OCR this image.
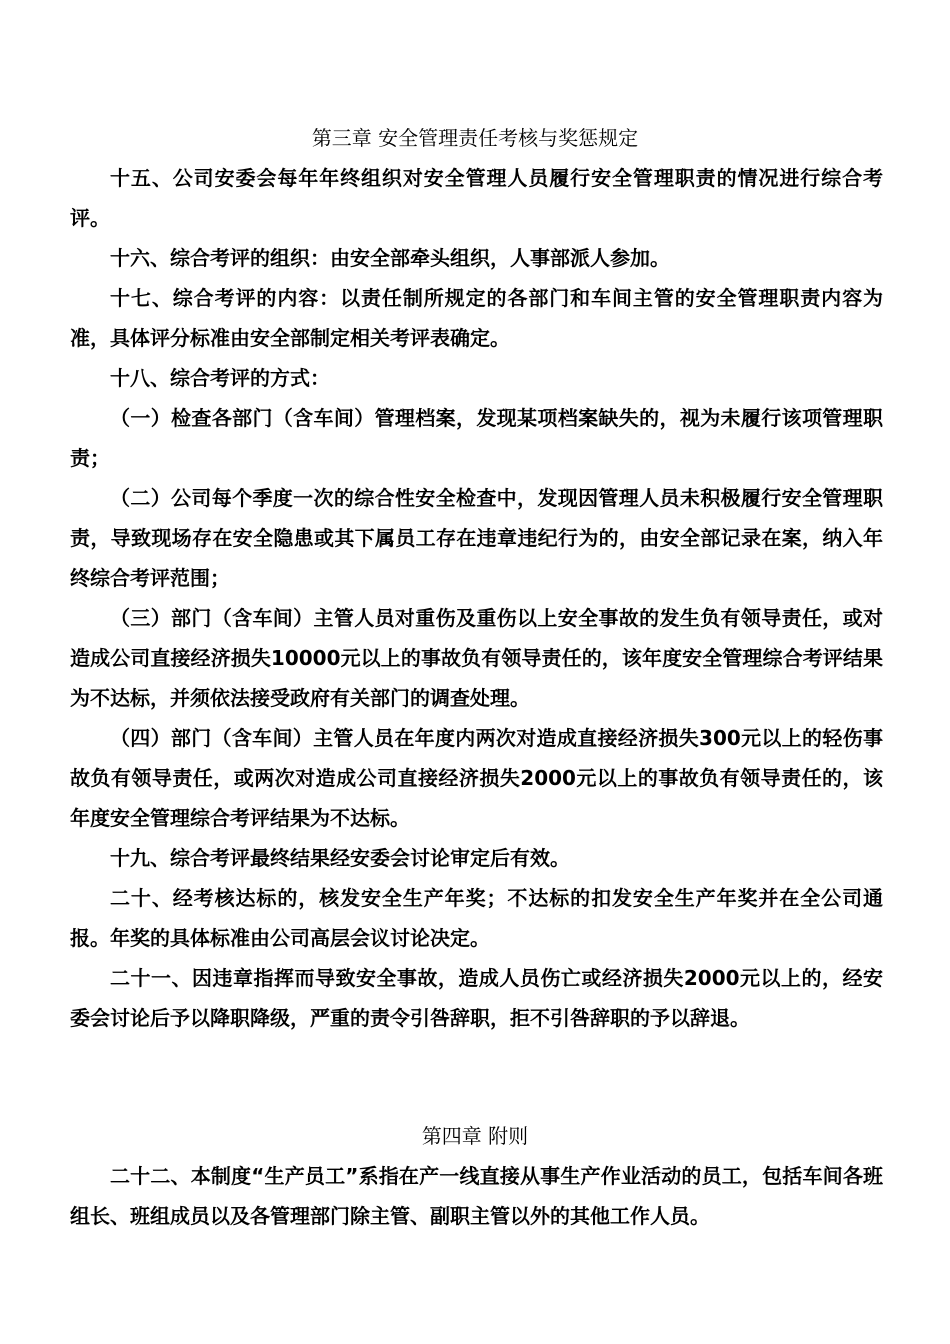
第三章 安全管理责任考核与奖惩规定

十五、公司安委会每年年终组织对安全管理人员履行安全管理职责的情况进行综合考评。

十六、综合考评的组织：由安全部牵头组织，人事部派人参加。

十七、综合考评的内容：以责任制所规定的各部门和车间主管的安全管理职责内容为准，具体评分标准由安全部制定相关考评表确定。

十八、综合考评的方式：

（一）检查各部门（含车间）管理档案，发现某项档案缺失的，视为未履行该项管理职责；

（二）公司每个季度一次的综合性安全检查中，发现因管理人员未积极履行安全管理职责，导致现场存在安全隐患或其下属员工存在违章违纪行为的，由安全部记录在案，纳入年终综合考评范围；

（三）部门（含车间）主管人员对重伤及重伤以上安全事故的发生负有领导责任，或对造成公司直接经济损失10000元以上的事故负有领导责任的，该年度安全管理综合考评结果为不达标，并须依法接受政府有关部门的调查处理。

（四）部门（含车间）主管人员在年度内两次对造成直接经济损失300元以上的轻伤事故负有领导责任，或两次对造成公司直接经济损失2000元以上的事故负有领导责任的，该年度安全管理综合考评结果为不达标。

十九、综合考评最终结果经安委会讨论审定后有效。

二十、经考核达标的，核发安全生产年奖；不达标的扣发安全生产年奖并在全公司通报。年奖的具体标准由公司高层会议讨论决定。

二十一、因违章指挥而导致安全事故，造成人员伤亡或经济损失2000元以上的，经安委会讨论后予以降职降级，严重的责令引咎辞职，拒不引咎辞职的予以辞退。

第四章 附则

二十二、本制度“生产员工”系指在产一线直接从事生产作业活动的员工，包括车间各班组长、班组成员以及各管理部门除主管、副职主管以外的其他工作人员。
